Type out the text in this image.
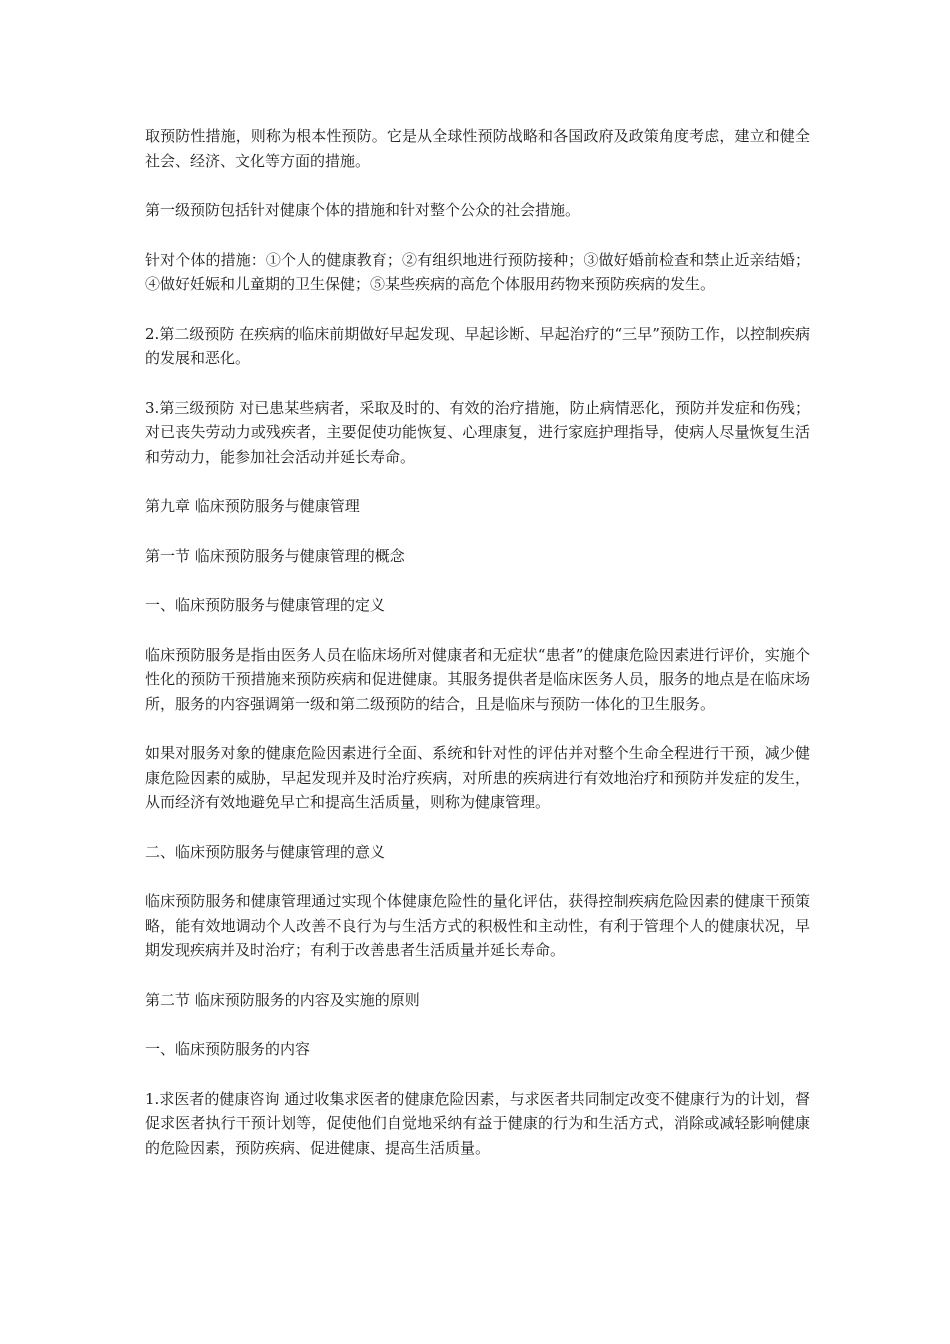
取预防性措施，则称为根本性预防。它是从全球性预防战略和各国政府及政策角度考虑，建立和健全社会、经济、文化等方面的措施。

第一级预防包括针对健康个体的措施和针对整个公众的社会措施。

针对个体的措施：①个人的健康教育；②有组织地进行预防接种；③做好婚前检查和禁止近亲结婚；④做好妊娠和儿童期的卫生保健；⑤某些疾病的高危个体服用药物来预防疾病的发生。

2.第二级预防 在疾病的临床前期做好早起发现、早起诊断、早起治疗的“三早”预防工作，以控制疾病的发展和恶化。

3.第三级预防 对已患某些病者，采取及时的、有效的治疗措施，防止病情恶化，预防并发症和伤残；对已丧失劳动力或残疾者，主要促使功能恢复、心理康复，进行家庭护理指导，使病人尽量恢复生活和劳动力，能参加社会活动并延长寿命。

第九章 临床预防服务与健康管理

第一节 临床预防服务与健康管理的概念

一、临床预防服务与健康管理的定义

临床预防服务是指由医务人员在临床场所对健康者和无症状“患者”的健康危险因素进行评价，实施个性化的预防干预措施来预防疾病和促进健康。其服务提供者是临床医务人员，服务的地点是在临床场所，服务的内容强调第一级和第二级预防的结合，且是临床与预防一体化的卫生服务。

如果对服务对象的健康危险因素进行全面、系统和针对性的评估并对整个生命全程进行干预，减少健康危险因素的威胁，早起发现并及时治疗疾病，对所患的疾病进行有效地治疗和预防并发症的发生，从而经济有效地避免早亡和提高生活质量，则称为健康管理。

二、临床预防服务与健康管理的意义

临床预防服务和健康管理通过实现个体健康危险性的量化评估，获得控制疾病危险因素的健康干预策略，能有效地调动个人改善不良行为与生活方式的积极性和主动性，有利于管理个人的健康状况，早期发现疾病并及时治疗；有利于改善患者生活质量并延长寿命。

第二节 临床预防服务的内容及实施的原则

一、临床预防服务的内容

1.求医者的健康咨询 通过收集求医者的健康危险因素，与求医者共同制定改变不健康行为的计划，督促求医者执行干预计划等，促使他们自觉地采纳有益于健康的行为和生活方式，消除或减轻影响健康的危险因素，预防疾病、促进健康、提高生活质量。
